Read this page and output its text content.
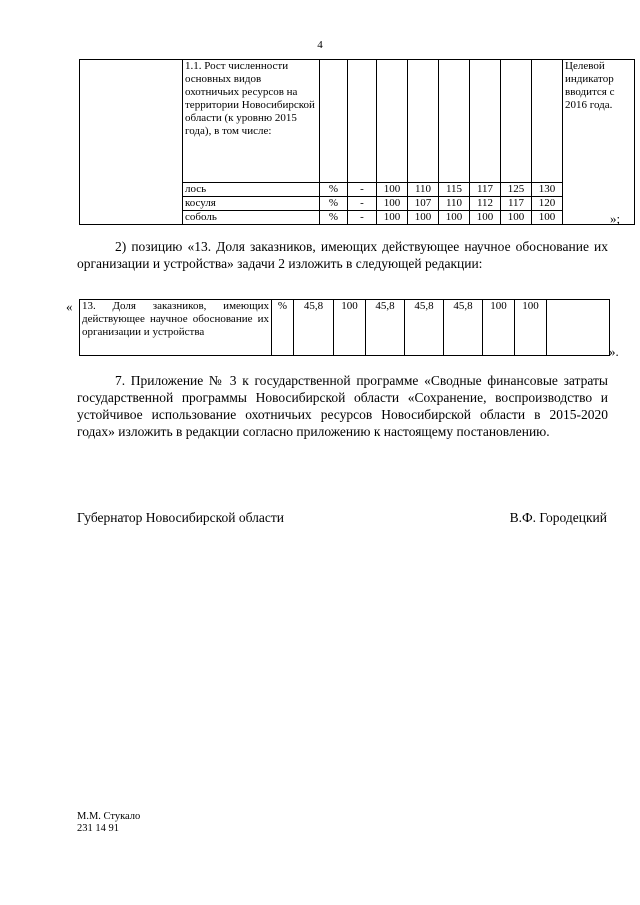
4
	1.1. Рост численности основных видов охотничьих ресурсов на территории Новосибирской области (к уровню 2015 года), в том числе:									Целевой индикатор вводится с 2016 года.
	лось	%	-	100	110	115	117	125	130	
	косуля	%	-	100	107	110	112	117	120	
	соболь	%	-	100	100	100	100	100	100		»;
2) позицию «13. Доля заказников, имеющих действующее научное обоснование их организации и устройства» задачи 2 изложить в следующей редакции:
« 13. Доля заказников, имеющих действующее научное обоснование их организации и устройства	%	45,8	100	45,8	45,8	45,8	100	100	
».
7. Приложение № 3 к государственной программе «Сводные финансовые затраты государственной программы Новосибирской области «Сохранение, воспроизводство и устойчивое использование охотничьих ресурсов Новосибирской области в 2015-2020 годах» изложить в редакции согласно приложению к настоящему постановлению.
Губернатор Новосибирской области	В.Ф. Городецкий
М.М. Стукало
231 14 91
